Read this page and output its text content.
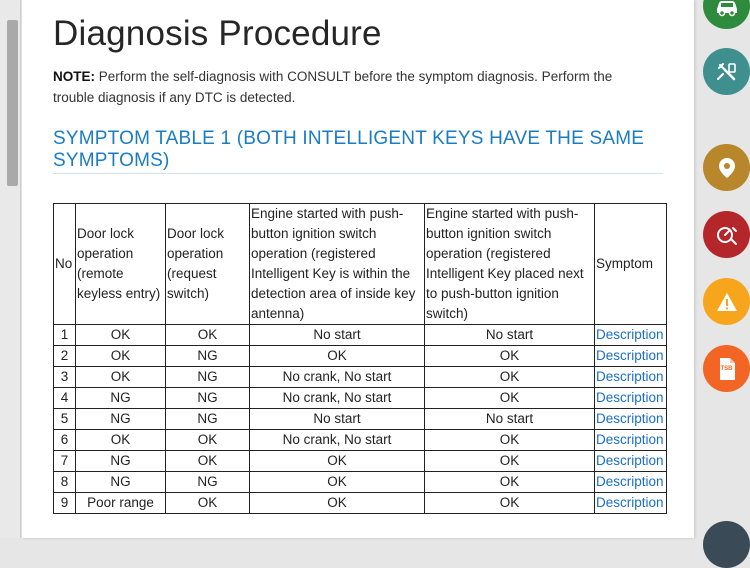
Diagnosis Procedure
NOTE: Perform the self-diagnosis with CONSULT before the symptom diagnosis. Perform the trouble diagnosis if any DTC is detected.
SYMPTOM TABLE 1 (BOTH INTELLIGENT KEYS HAVE THE SAME SYMPTOMS)
No	Door lock operation (remote keyless entry)	Door lock operation (request switch)	Engine started with push-button ignition switch operation (registered Intelligent Key is within the detection area of inside key antenna)	Engine started with push-button ignition switch operation (registered Intelligent Key placed next to push-button ignition switch)	Symptom
1	OK	OK	No start	No start	Description
2	OK	NG	OK	OK	Description
3	OK	NG	No crank, No start	OK	Description
4	NG	NG	No crank, No start	OK	Description
5	NG	NG	No start	No start	Description
6	OK	OK	No crank, No start	OK	Description
7	NG	OK	OK	OK	Description
8	NG	NG	OK	OK	Description
9	Poor range	OK	OK	OK	Description
TSB
